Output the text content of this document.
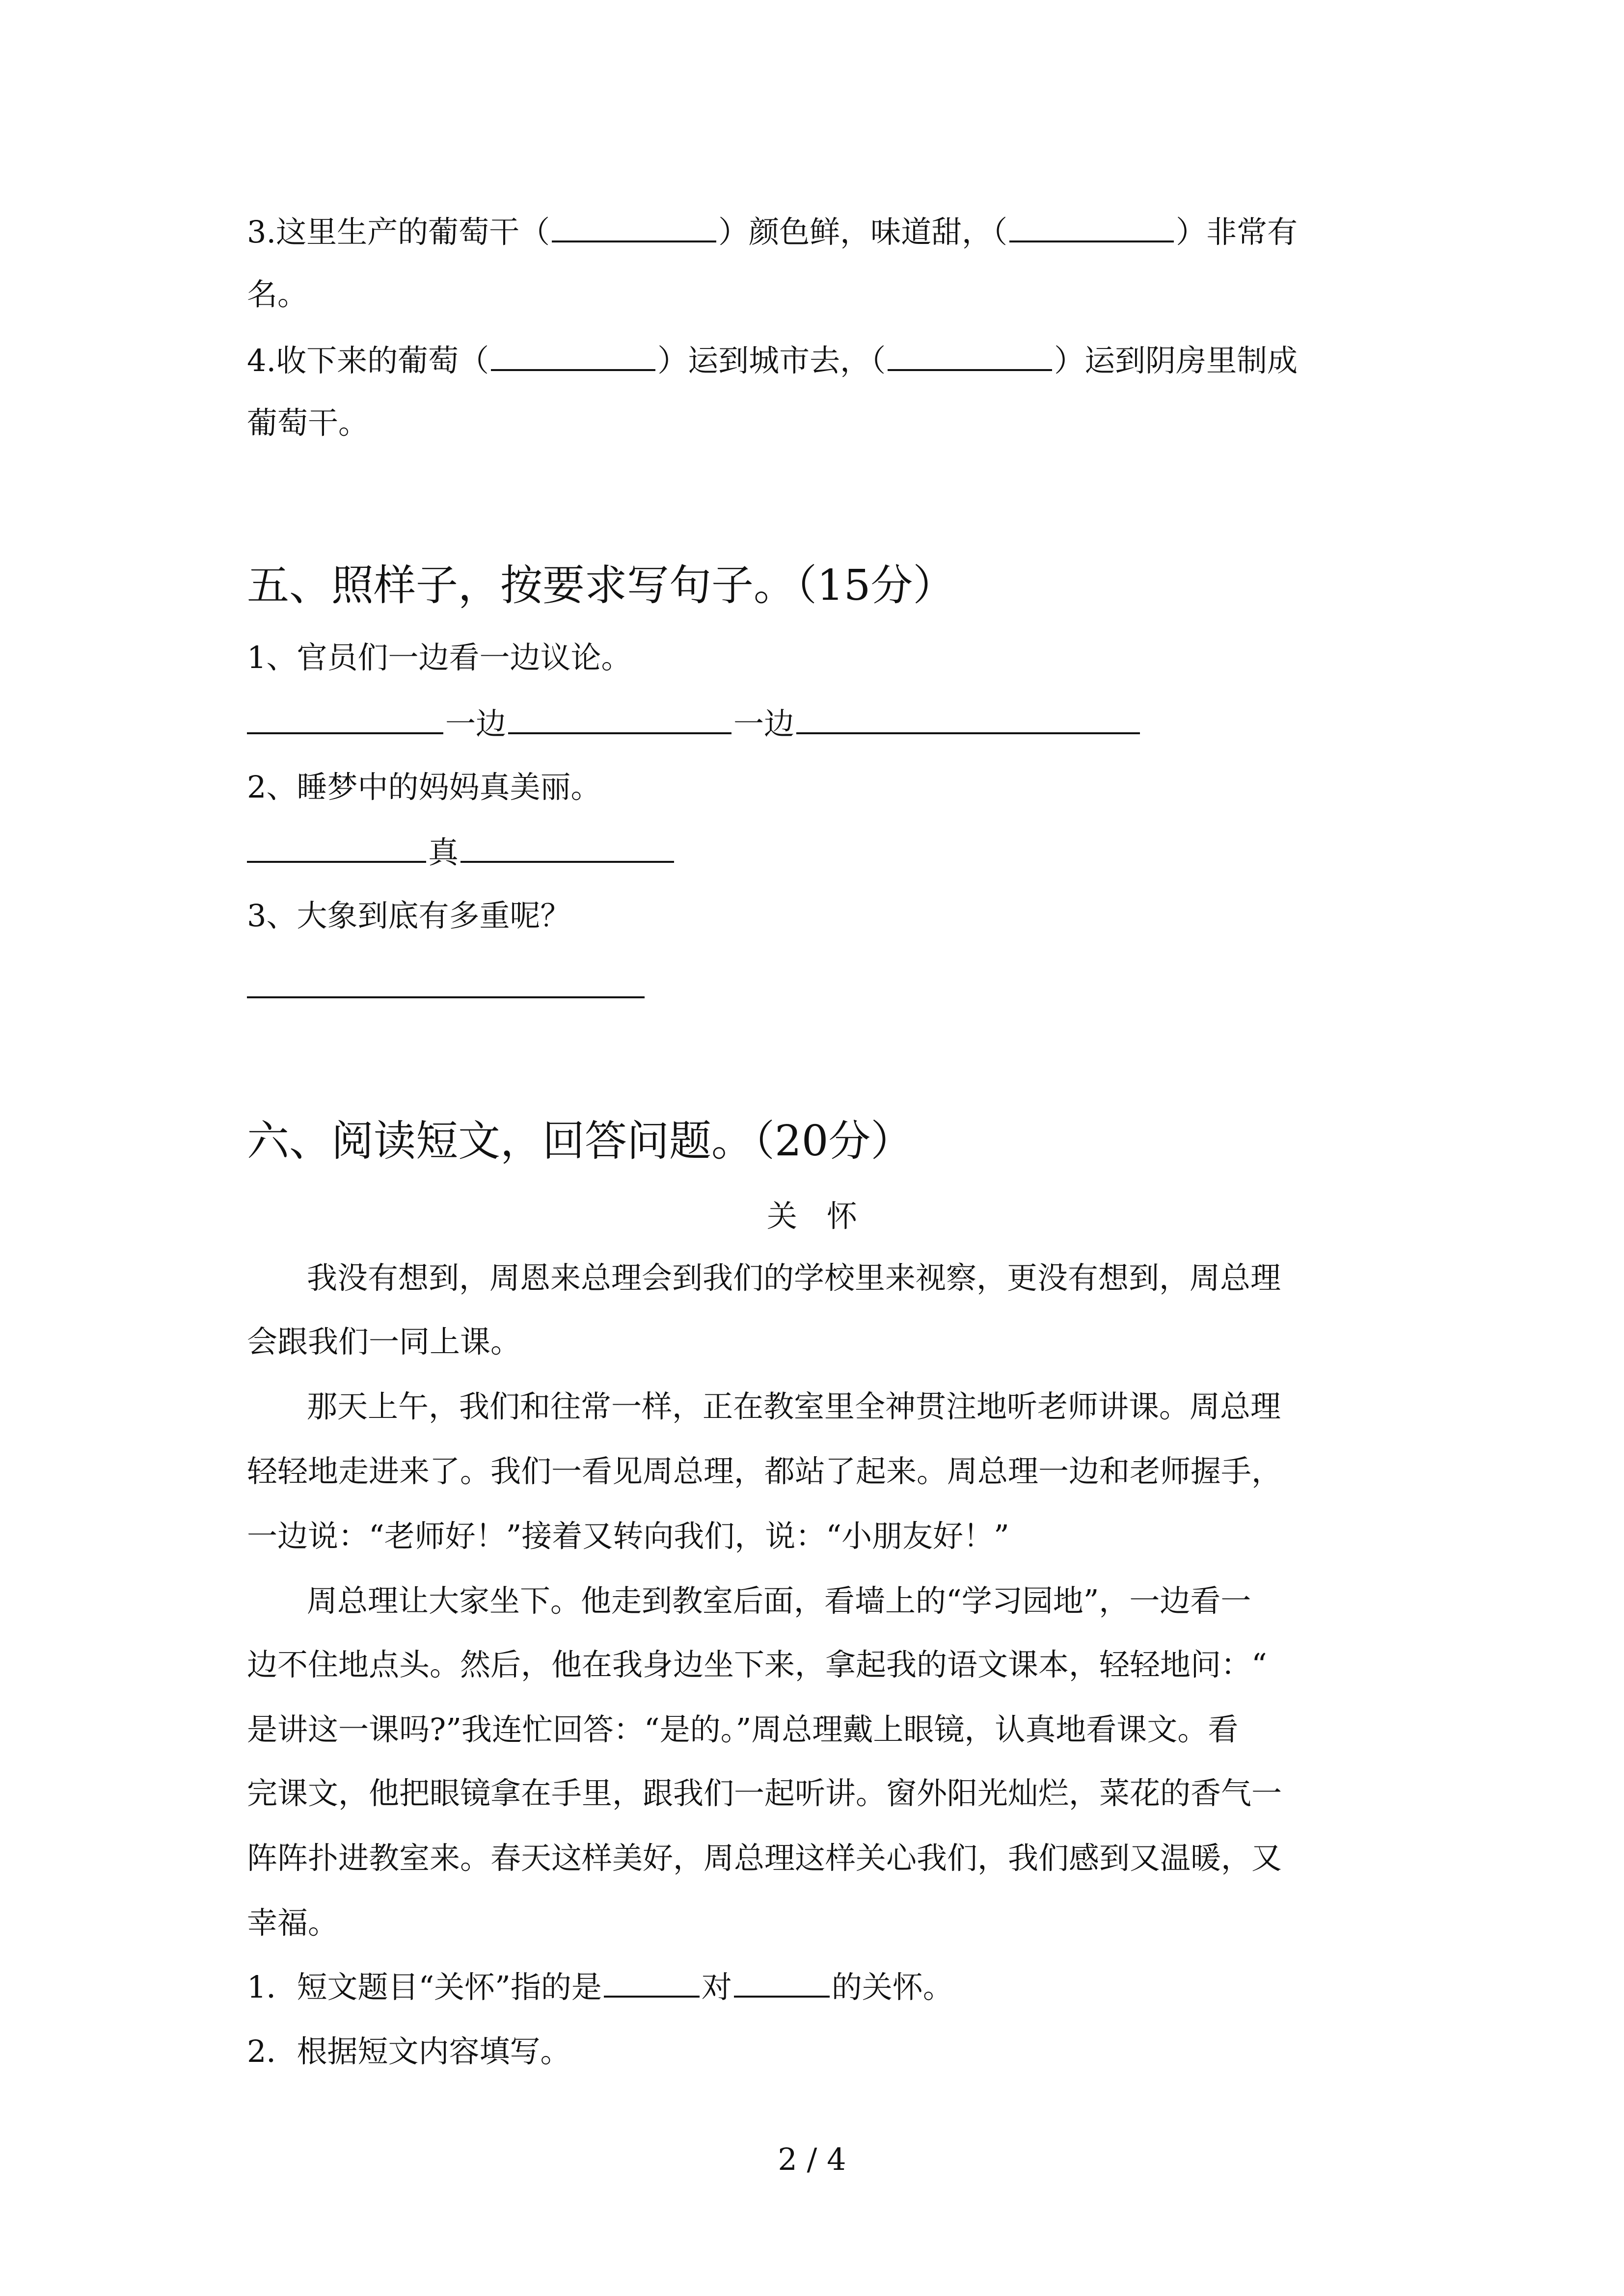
3.这里生产的葡萄干（	）颜色鲜，味道甜，（	）非常有
名。
4.收下来的葡萄（	）运到城市去，（	）运到阴房里制成
葡萄干。
五、照样子，按要求写句子。（15分）
1、官员们一边看一边议论。
一边	一边
2、睡梦中的妈妈真美丽。
真
3、大象到底有多重呢？
六、阅读短文，回答问题。（20分）
关怀
我没有想到，周恩来总理会到我们的学校里来视察，更没有想到，周总理
会跟我们一同上课。
那天上午，我们和往常一样，正在教室里全神贯注地听老师讲课。周总理
轻轻地走进来了。我们一看见周总理，都站了起来。周总理一边和老师握手，
一边说：“老师好！”接着又转向我们，说：“小朋友好！”
周总理让大家坐下。他走到教室后面，看墙上的“学习园地”，一边看一
边不住地点头。然后，他在我身边坐下来，拿起我的语文课本，轻轻地问：“
是讲这一课吗?”我连忙回答：“是的。”周总理戴上眼镜，认真地看课文。看
完课文，他把眼镜拿在手里，跟我们一起听讲。窗外阳光灿烂，菜花的香气一
阵阵扑进教室来。春天这样美好，周总理这样关心我们，我们感到又温暖，又
幸福。
1．短文题目“关怀”指的是	对	的关怀。
2．根据短文内容填写。
2 / 4
